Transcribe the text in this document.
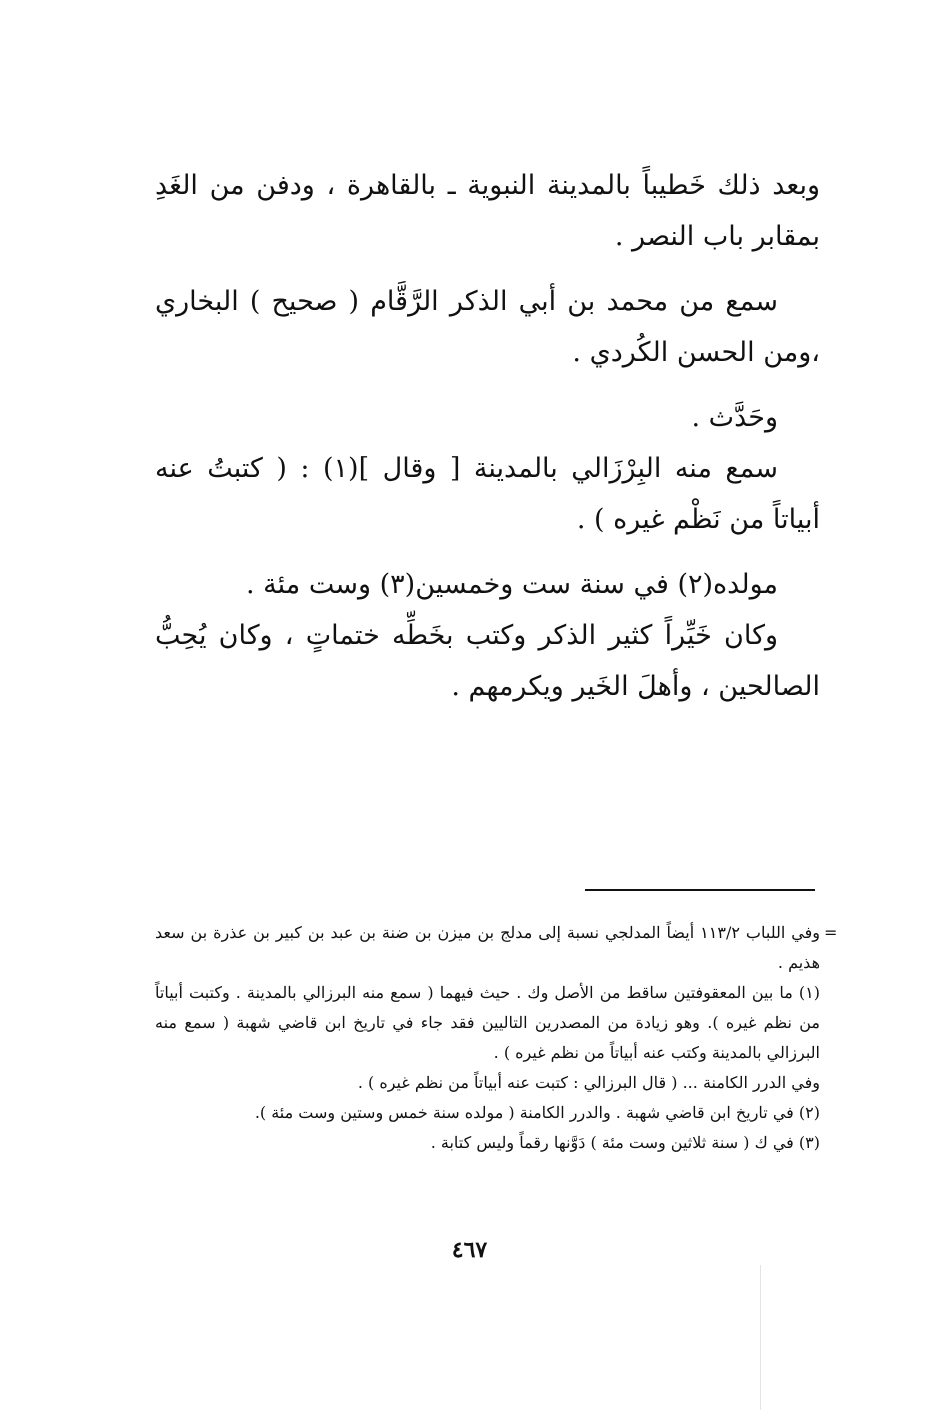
وبعد ذلك خَطيباً بالمدينة النبوية ـ بالقاهرة ، ودفن من الغَدِ بمقابر باب النصر .

سمع من محمد بن أبي الذكر الرَّقَّام ( صحيح ) البخاري ،ومن الحسن الكُردي .

وحَدَّث .

سمع منه البِرْزَالي بالمدينة [ وقال ](١) : ( كتبتُ عنه أبياتاً من نَظْم غيره ) .

مولده(٢) في سنة ست وخمسين(٣) وست مئة .

وكان خَيِّراً كثير الذكر وكتب بخَطِّه ختماتٍ ، وكان يُحِبُّ الصالحين ، وأهلَ الخَير ويكرمهم .

=

وفي اللباب ١١٣/٢ أيضاً المدلجي نسبة إلى مدلج بن ميزن بن ضنة بن عبد بن كبير بن عذرة بن سعد هذيم .

(١) ما بين المعقوفتين ساقط من الأصل وك . حيث فيهما ( سمع منه البرزالي بالمدينة . وكتبت أبياتاً من نظم غيره ). وهو زيادة من المصدرين التاليين فقد جاء في تاريخ ابن قاضي شهبة ( سمع منه البرزالي بالمدينة وكتب عنه أبياتاً من نظم غيره ) .

وفي الدرر الكامنة ... ( قال البرزالي : كتبت عنه أبياتاً من نظم غيره ) .

(٢) في تاريخ ابن قاضي شهبة . والدرر الكامنة ( مولده سنة خمس وستين وست مئة ).

(٣) في ك ( سنة ثلاثين وست مئة ) دَوَّنها رقماً وليس كتابة .

٤٦٧
